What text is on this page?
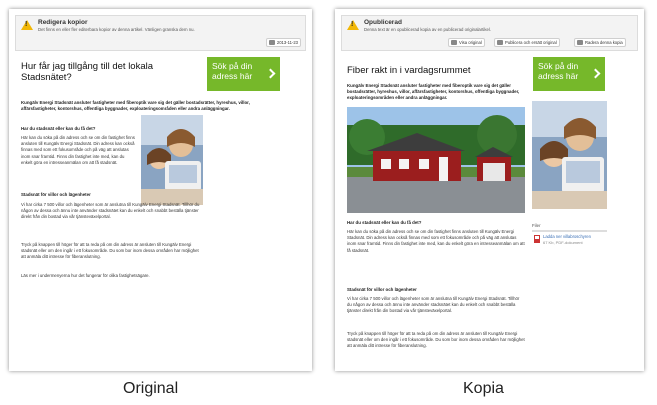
!
Redigera kopior
Det finns en eller fler editerbara kopior av denna artikel. Vänligen granska dem nu.
2013-11-23
Hur får jag tillgång till det lokala Stadsnätet?
Sök på din adress här
Kungälv Energi Stadsnät ansluter fastigheter med fiberoptik vare sig det gäller bostadsrätter, hyreshus, villor, affärsfastigheter, kontorshus, offentliga byggnader, exploateringsområden eller andra anläggningar.
Har du stadsnät eller kan du få det?
Här kan du söka på din adress och se om din fastighet finns ansluten till Kungälv Energi Stadsnät. Din adress kan också finnas med som ett fokusområde och på väg att anslutas inom snar framtid. Finns din fastighet inte med, kan du enkelt göra en intresseanmälan om att få stadsnät.
Stadsnät för villor och lägenheter
Vi har cirka 7 500 villor och lägenheter som är anslutna till Kungälv Energi Stadsnät. Tillhör du någon av dessa och ännu inte använder stadsnätet kan du enkelt och snabbt beställa tjänster direkt från din bostad via vår tjänsteväxelportal.
Tryck på knappen till höger för att ta reda på om din adress är ansluten till Kungälv Energi stadsnät eller om den ingår i ett fokusområde. Du som bor inom dessa områden har möjlighet att anmäla ditt intresse för fiberanslutning.
Läs mer i undermenyerna hur det fungerar för olika fastighetsägare.
!
Opublicerad
Denna text är en opublicerad kopia av en publicerad originalartikel.
Visa original	Publicera och ersätt original	Radera denna kopia
Fiber rakt in i vardagsrummet	Sök på din adress här
Kungälv Energi Stadsnät ansluter fastigheter med fiberoptik vare sig det gäller bostadsrätter, hyreshus, villor, affärsfastigheter, kontorshus, offentliga byggnader, exploateringsområden eller andra anläggningar.
Filer
Ladda ner villabroschyren
67 Kb, PDF-dokument
Har du stadsnät eller kan du få det?
Här kan du söka på din adress och se om din fastighet finns ansluten till Kungälv Energi Stadsnät. Din adress kan också finnas med som ett fokusområde och på väg att anslutas inom snar framtid. Finns din fastighet inte med, kan du enkelt göra en intresseanmälan om att få stadsnät.
Stadsnät för villor och lägenheter
Vi har cirka 7 500 villor och lägenheter som är anslutna till Kungälv Energi Stadsnät. Tillhör du någon av dessa och ännu inte använder stadsnätet kan du enkelt och snabbt beställa tjänster direkt från din bostad via vår tjänsteväxelportal.
Tryck på knappen till höger för att ta reda på om din adress är ansluten till Kungälv Energi stadsnät eller om den ingår i ett fokusområde. Du som bor inom dessa områden har möjlighet att anmäla ditt intresse för fiberanslutning.
Original	Kopia
